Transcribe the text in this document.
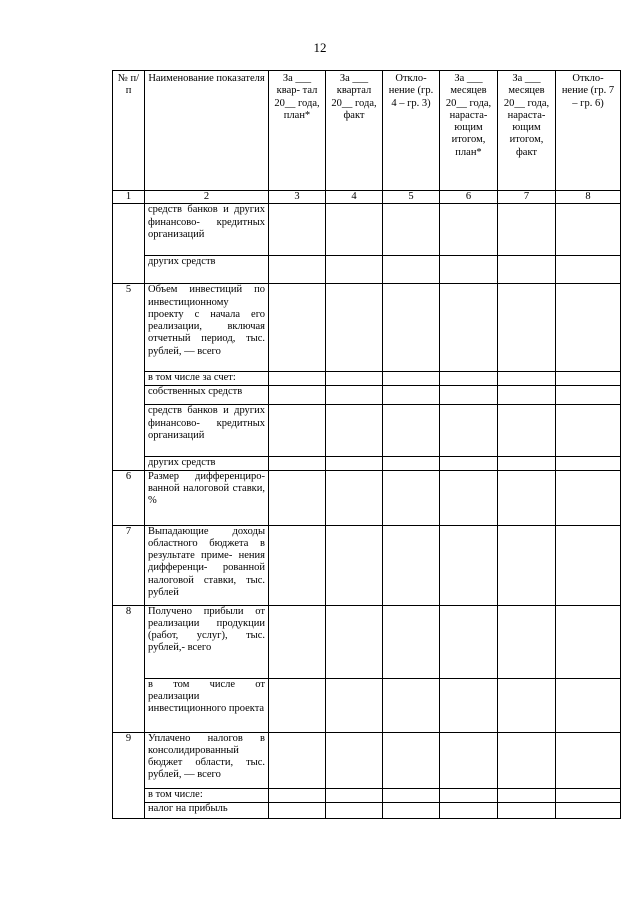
12
№ п/п	Наименование показателя	За ___ квар- тал 20__ года, план*	За ___ квартал 20__ года, факт	Откло- нение (гр. 4 – гр. 3)	За ___ месяцев 20__ года, нараста- ющим итогом, план*	За ___ месяцев 20__ года, нараста- ющим итогом, факт	Откло- нение (гр. 7 – гр. 6)
1	2	3	4	5	6	7	8
	средств банков и других финансово- кредитных организаций						
	других средств						
5	Объем инвестиций по инвестиционному проекту с начала его реализации, включая отчетный период, тыс. рублей, — всего						
	в том числе за счет:						
	собственных средств						
	средств банков и других финансово- кредитных организаций						
	других средств						
6	Размер дифференциро- ванной налоговой ставки, %						
7	Выпадающие доходы областного бюджета в результате приме- нения дифференци- рованной налоговой ставки, тыс. рублей						
8	Получено прибыли от реализации продукции (работ, услуг), тыс. рублей,- всего						
	в том числе от реализации инвестиционного проекта						
9	Уплачено налогов в консолидированный бюджет области, тыс. рублей, — всего						
	в том числе:						
	налог на прибыль						
